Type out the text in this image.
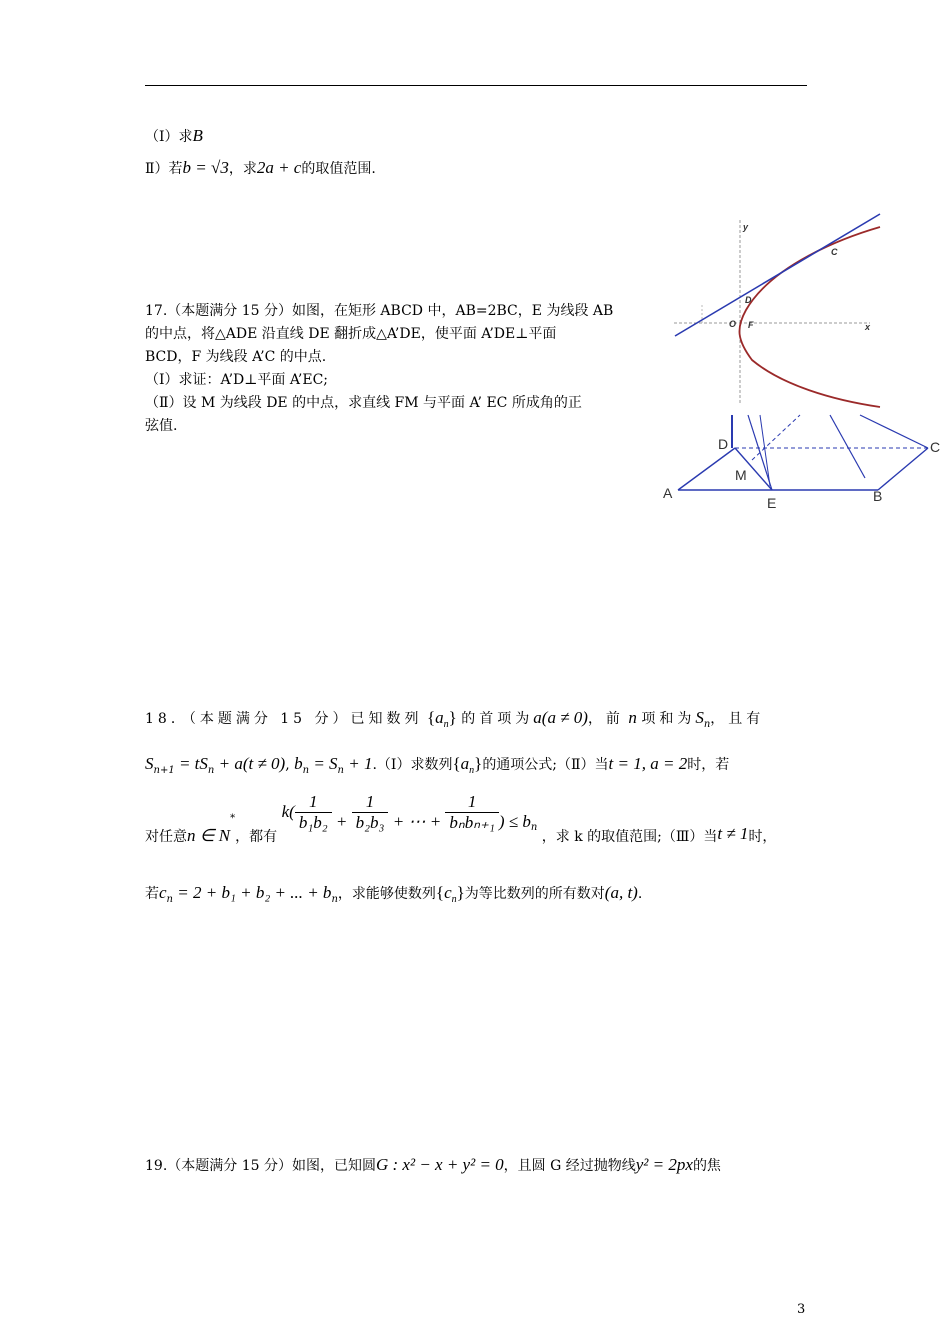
（Ⅰ）求B
Ⅱ）若b = √3，求2a + c的取值范围.
17.（本题满分 15 分）如图，在矩形 ABCD 中，AB=2BC，E 为线段 AB
的中点，将△ADE 沿直线 DE 翻折成△A’DE，使平面 A’DE⊥平面
BCD，F 为线段 A’C 的中点.
（Ⅰ）求证：A’D⊥平面 A’EC;
（Ⅱ）设 M 为线段 DE 的中点，求直线 FM 与平面 A’ EC 所成角的正
弦值.
y
x
O F
D
C
A	B
C
D
E
M
18．（本题满分 15 分）已知数列 $\{a_n\}$ 的首项为a(a ≠ 0)，前 n 项和为$S_n$，且有
$S_{n+1} = tS_n + a(t \ne 0)$, $b_n = S_n$ + 1.（Ⅰ）求数列$\{a_n\}$的通项公式;（Ⅱ）当t = 1, a = 2时，若
对任意n ∈ N*，都有 $k( \frac{1}{\text{b₁b₂}} + \frac{1}{\text{b₂b₃}}$ + ⋯ + $\frac{1}{\text{bₙbₙ₊₁}}$ ) ≤ $b_n$ ，求 k 的取值范围;（Ⅲ）当t ≠ 1时，
若$c_n = 2 + b_1 + b_2$ + ... + $b_n$，求能够使数列$\{c_n\}$为等比数列的所有数对(a, t).
19.（本题满分 15 分）如图，已知圆G : x² − x + y² = 0，且圆 G 经过抛物线y² = 2px的焦
3
